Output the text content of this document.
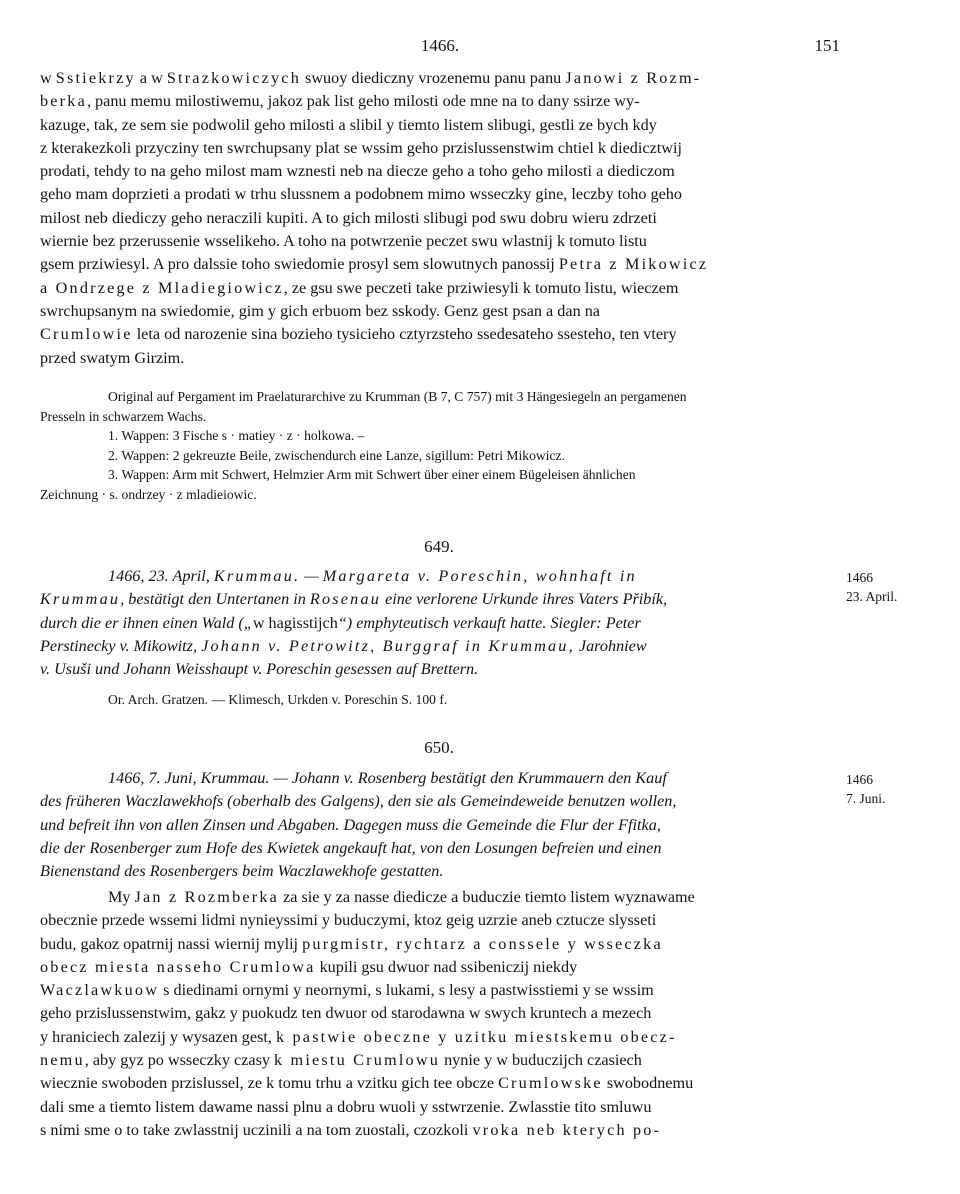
1466.	151
w Sstiekrzy a w Strazkowiczych swuoy diediczny vrozenemu panu panu Janowi z Rozm-
berka, panu memu milostiwemu, jakoz pak list geho milosti ode mne na to dany ssirze wy-
kazuge, tak, ze sem sie podwolil geho milosti a slibil y tiemto listem slibugi, gestli ze bych kdy
z kterakezkoli przycziny ten swrchupsany plat se wssim geho przislussenstwim chtiel k diedicztwij
prodati, tehdy to na geho milost mam wznesti neb na diecze geho a toho geho milosti a diediczom
geho mam doprzieti a prodati w trhu slussnem a podobnem mimo wsseczky gine, leczby toho geho
milost neb diediczy geho neraczili kupiti. A to gich milosti slibugi pod swu dobru wieru zdrzeti
wiernie bez przerussenie wsselikeho. A toho na potwrzenie peczet swu wlastnij k tomuto listu
gsem prziwiesyl. A pro dalssie toho swiedomie prosyl sem slowutnych panossij Petra z Mikowicz
a Ondrzege z Mladiegiowicz, ze gsu swe peczeti take prziwiesyli k tomuto listu, wieczem
swrchupsanym na swiedomie, gim y gich erbuom bez sskody. Genz gest psan a dan na
Crumlowie leta od narozenie sina bozieho tysicieho cztyrzsteho ssedesateho ssesteho, ten vtery
przed swatym Girzim.

Original auf Pergament im Praelaturarchive zu Krumman (B 7, C 757) mit 3 Hängesiegeln an pergamenen

Presseln in schwarzem Wachs.

1. Wappen: 3 Fische s · matiey · z · holkowa. –

2. Wappen: 2 gekreuzte Beile, zwischendurch eine Lanze, sigillum: Petri Mikowicz.

3. Wappen: Arm mit Schwert, Helmzier Arm mit Schwert über einer einem Bügeleisen ähnlichen

Zeichnung · s. ondrzey · z mladieiowic.

649.
1466
23. April.

1466, 23. April, Krummau. — Margareta v. Poreschin, wohnhaft in

Krummau, bestätigt den Untertanen in Rosenau eine verlorene Urkunde ihres Vaters Přibík,

durch die er ihnen einen Wald („w hagisstijch“) emphyteutisch verkauft hatte. Siegler: Peter

Perstinecky v. Mikowitz, Johann v. Petrowitz, Burggraf in Krummau, Jarohniew

v. Usuši und Johann Weisshaupt v. Poreschin gesessen auf Brettern.

Or. Arch. Gratzen. — Klimesch, Urkden v. Poreschin S. 100 f.
650.
1466
7. Juni.

1466, 7. Juni, Krummau. — Johann v. Rosenberg bestätigt den Krummauern den Kauf

des früheren Waczlawekhofs (oberhalb des Galgens), den sie als Gemeindeweide benutzen wollen,

und befreit ihn von allen Zinsen und Abgaben. Dagegen muss die Gemeinde die Flur der Ffitka,

die der Rosenberger zum Hofe des Kwietek angekauft hat, von den Losungen befreien und einen

Bienenstand des Rosenbergers beim Waczlawekhofe gestatten.

My Jan z Rozmberka za sie y za nasse diedicze a buduczie tiemto listem wyznawame
obecznie przede wssemi lidmi nynieyssimi y buduczymi, ktoz geig uzrzie aneb cztucze slysseti
budu, gakoz opatrnij nassi wiernij mylij purgmistr, rychtarz a conssele y wsseczka
obecz miesta nasseho Crumlowa kupili gsu dwuor nad ssibeniczij niekdy
Waczlawkuow s diedinami ornymi y neornymi, s lukami, s lesy a pastwisstiemi y se wssim
geho przislussenstwim, gakz y puokudz ten dwuor od starodawna w swych kruntech a mezech
y hraniciech zalezij y wysazen gest, k pastwie obeczne y uzitku miestskemu obecz-
nemu, aby gyz po wsseczky czasy k miestu Crumlowu nynie y w buduczijch czasiech
wiecznie swoboden przislussel, ze k tomu trhu a vzitku gich tee obcze Crumlowske swobodnemu
dali sme a tiemto listem dawame nassi plnu a dobru wuoli y sstwrzenie. Zwlasstie tito smluwu
s nimi sme o to take zwlasstnij uczinili a na tom zuostali, czozkoli vroka neb kterych po-
